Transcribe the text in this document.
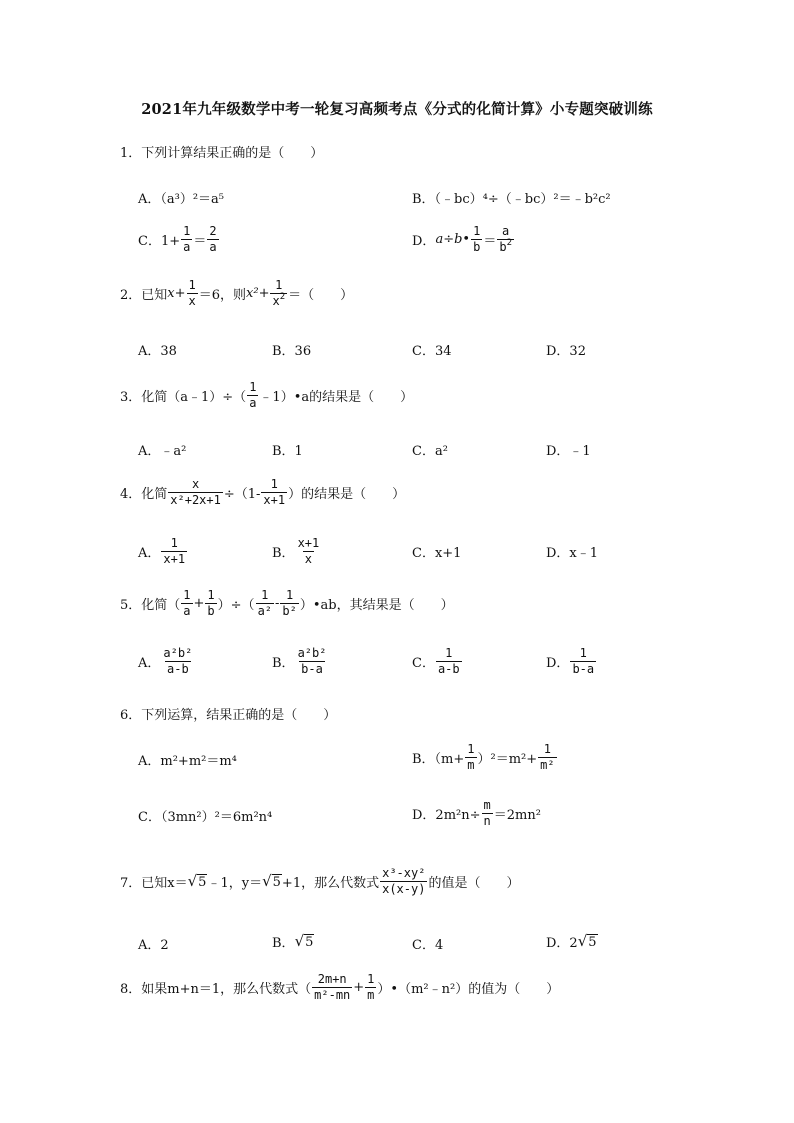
2021年九年级数学中考一轮复习高频考点《分式的化简计算》小专题突破训练
1．下列计算结果正确的是（　　）
A．（a³）²＝a⁵	B．（﹣bc）⁴÷（﹣bc）²＝﹣b²c²
C．$1+ \frac{1}{a} = \frac{2}{a}$	D． a÷b• $\frac{1}{b} = \frac{a}{b^2}$
2．已知 $x+ \frac{1}{x} =6$，则 $x^2+ \frac{1}{x^2}$ ＝（　　）
A．38	B．36	C．34	D．32
3．化简（a﹣1）÷（ $\frac{1}{a}$ ﹣1）•a的结果是（　　）
A．﹣a²	B．1	C．a²	D．﹣1
4．化简 $\frac{x}{\text{x²+2x+1}} \div(1- \frac{1}{x+1}$ ）的结果是（　　）
A． $\frac{1}{x+1}$	B． $\frac{x+1}{x}$	C．x+1	D．x﹣1
5．化简（ $\frac{1}{a} + \frac{1}{b}$ ）÷（ $\frac{1}{\text{a²}} - \frac{1}{\text{b²}}$ ）•ab，其结果是（　　）
A． $\frac{\text{a²b²}}{a-b}$	B． $\frac{\text{a²b²}}{b-a}$	C． $\frac{1}{a-b}$	D． $\frac{1}{b-a}$
6．下列运算，结果正确的是（　　）
A．m²+m²＝m⁴	B．$(m+ \frac{1}{m} )^2=m^2+ \frac{1}{\text{m²}}$
C．（3mn²）²＝6m²n⁴	D．$2m^2n\div \frac{m}{n} =2mn^2$
7．已知x＝ √ 5 ﹣1，y＝ √ 5 +1，那么代数式 $\frac{\text{x³-xy²}}{x(x-y)}$ 的值是（　　）
A．2	B． √ 5	C．4	D．2 √ 5
8．如果m+n＝1，那么代数式（ $\frac{2m+n}{\text{m²-mn}} + \frac{1}{m}$ ）•（m²﹣n²）的值为（　　）
